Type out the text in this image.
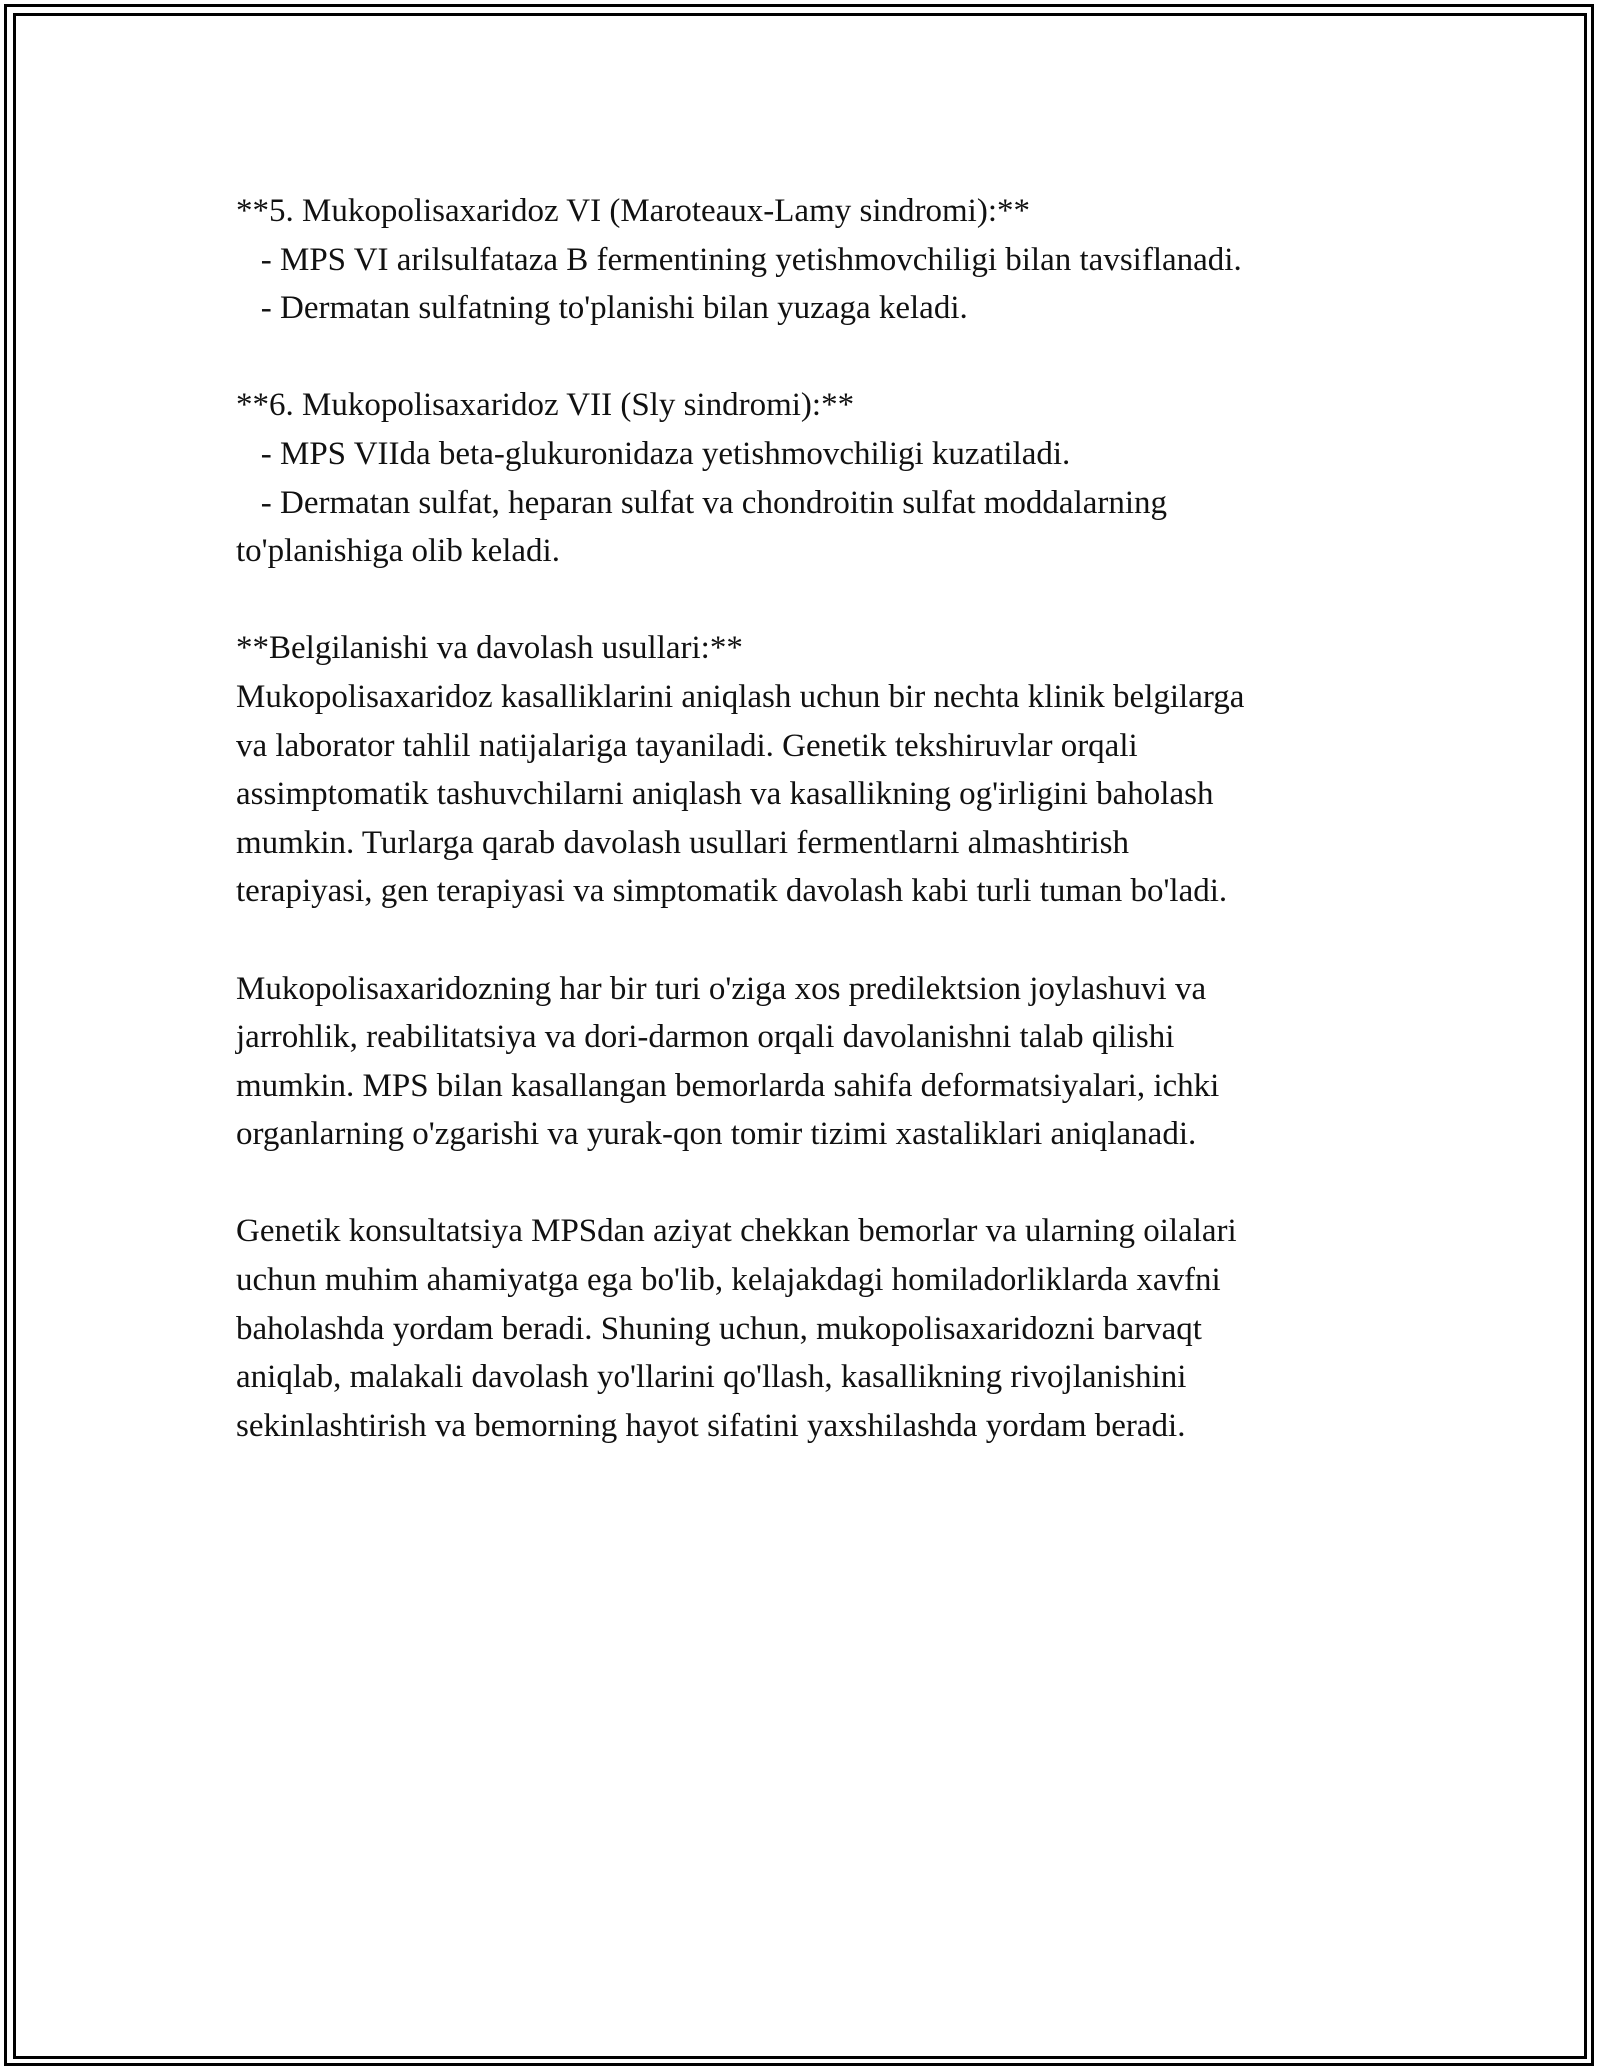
**5. Mukopolisaxaridoz VI (Maroteaux-Lamy sindromi):**

- MPS VI arilsulfataza B fermentining yetishmovchiligi bilan tavsiflanadi.

- Dermatan sulfatning to'planishi bilan yuzaga keladi.

**6. Mukopolisaxaridoz VII (Sly sindromi):**

- MPS VIIda beta-glukuronidaza yetishmovchiligi kuzatiladi.

- Dermatan sulfat, heparan sulfat va chondroitin sulfat moddalarning

to'planishiga olib keladi.

**Belgilanishi va davolash usullari:**

Mukopolisaxaridoz kasalliklarini aniqlash uchun bir nechta klinik belgilarga

va laborator tahlil natijalariga tayaniladi. Genetik tekshiruvlar orqali

assimptomatik tashuvchilarni aniqlash va kasallikning og'irligini baholash

mumkin. Turlarga qarab davolash usullari fermentlarni almashtirish

terapiyasi, gen terapiyasi va simptomatik davolash kabi turli tuman bo'ladi.

Mukopolisaxaridozning har bir turi o'ziga xos predilektsion joylashuvi va

jarrohlik, reabilitatsiya va dori-darmon orqali davolanishni talab qilishi

mumkin. MPS bilan kasallangan bemorlarda sahifa deformatsiyalari, ichki

organlarning o'zgarishi va yurak-qon tomir tizimi xastaliklari aniqlanadi.

Genetik konsultatsiya MPSdan aziyat chekkan bemorlar va ularning oilalari

uchun muhim ahamiyatga ega bo'lib, kelajakdagi homiladorliklarda xavfni

baholashda yordam beradi. Shuning uchun, mukopolisaxaridozni barvaqt

aniqlab, malakali davolash yo'llarini qo'llash, kasallikning rivojlanishini

sekinlashtirish va bemorning hayot sifatini yaxshilashda yordam beradi.
